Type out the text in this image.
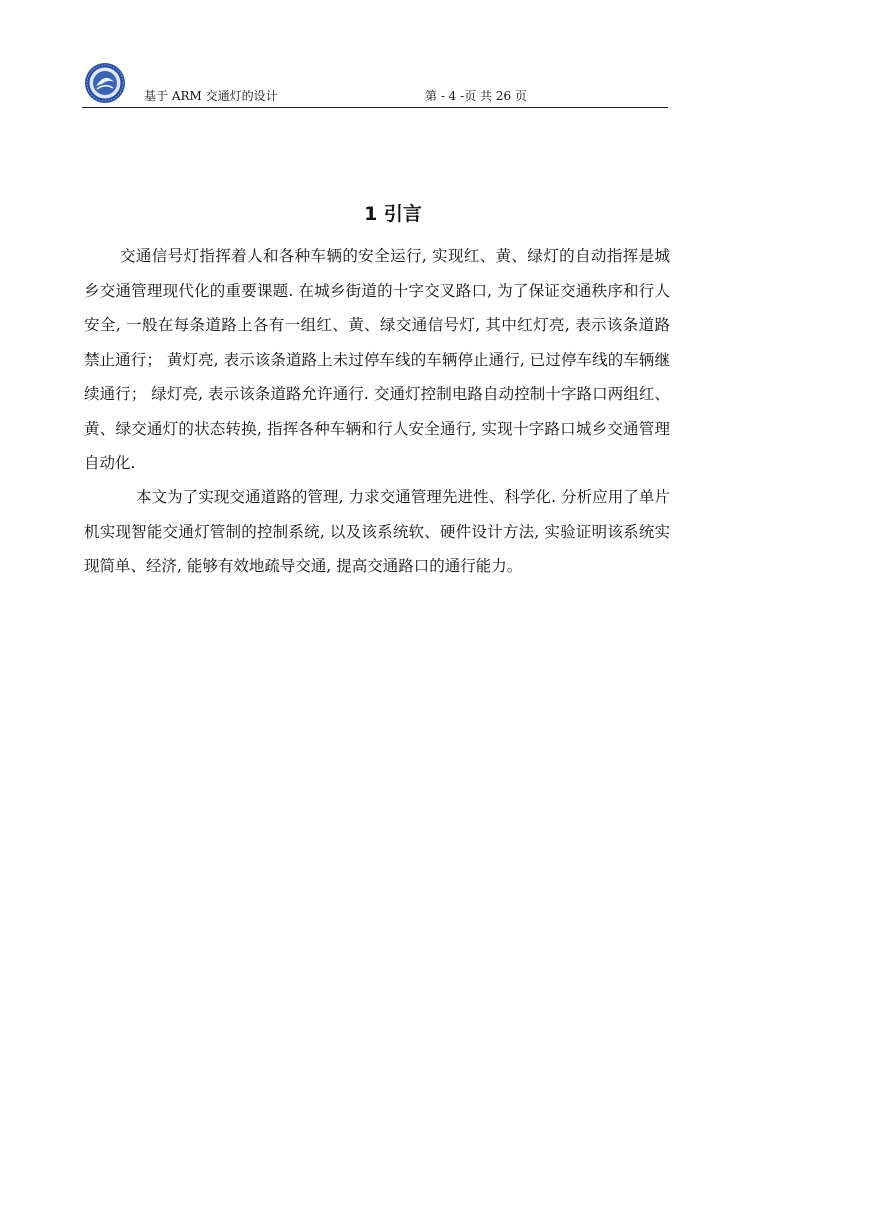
基于 ARM 交通灯的设计	第 - 4 -页 共 26 页
1 引言

交通信号灯指挥着人和各种车辆的安全运行, 实现红、黄、绿灯的自动指挥是城乡交通管理现代化的重要课题. 在城乡街道的十字交叉路口, 为了保证交通秩序和行人安全, 一般在每条道路上各有一组红、黄、绿交通信号灯, 其中红灯亮, 表示该条道路禁止通行； 黄灯亮, 表示该条道路上未过停车线的车辆停止通行, 已过停车线的车辆继续通行； 绿灯亮, 表示该条道路允许通行. 交通灯控制电路自动控制十字路口两组红、黄、绿交通灯的状态转换, 指挥各种车辆和行人安全通行, 实现十字路口城乡交通管理自动化.

本文为了实现交通道路的管理, 力求交通管理先进性、科学化. 分析应用了单片机实现智能交通灯管制的控制系统, 以及该系统软、硬件设计方法, 实验证明该系统实现简单、经济, 能够有效地疏导交通, 提高交通路口的通行能力。
